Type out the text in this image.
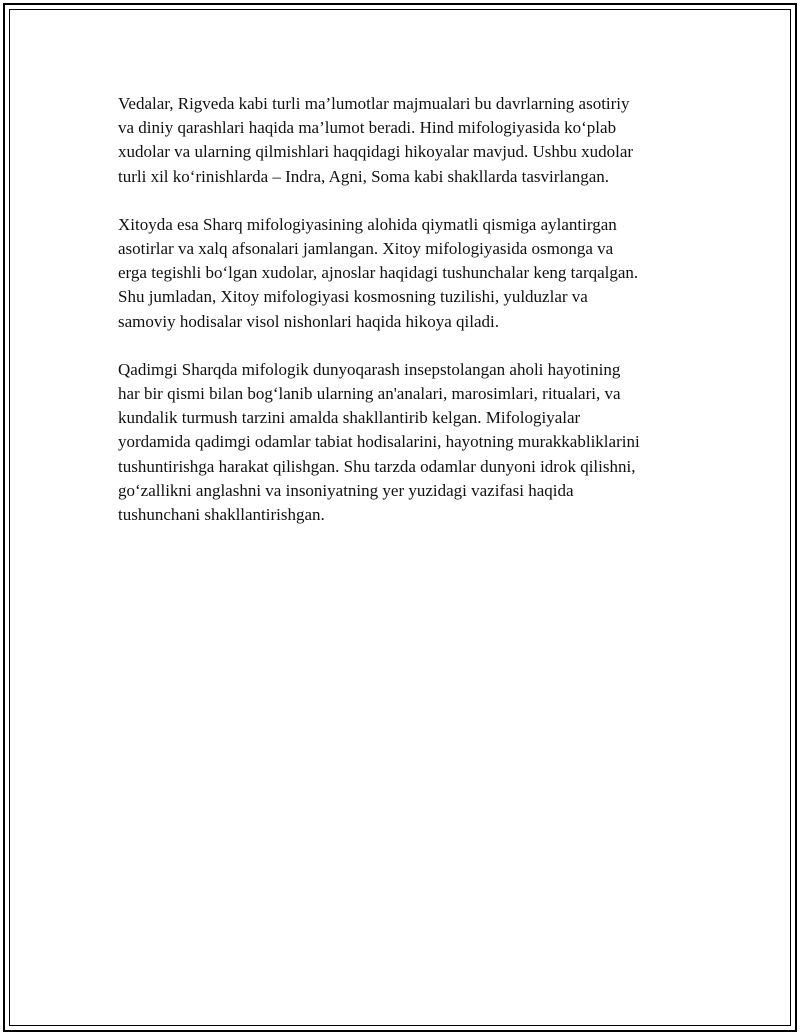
Vedalar, Rigveda kabi turli ma’lumotlar majmualari bu davrlarning asotiriy
va diniy qarashlari haqida ma’lumot beradi. Hind mifologiyasida ko‘plab
xudolar va ularning qilmishlari haqqidagi hikoyalar mavjud. Ushbu xudolar
turli xil ko‘rinishlarda – Indra, Agni, Soma kabi shakllarda tasvirlangan.

Xitoyda esa Sharq mifologiyasining alohida qiymatli qismiga aylantirgan
asotirlar va xalq afsonalari jamlangan. Xitoy mifologiyasida osmonga va
erga tegishli bo‘lgan xudolar, ajnoslar haqidagi tushunchalar keng tarqalgan.
Shu jumladan, Xitoy mifologiyasi kosmosning tuzilishi, yulduzlar va
samoviy hodisalar visol nishonlari haqida hikoya qiladi.

Qadimgi Sharqda mifologik dunyoqarash insepstolangan aholi hayotining
har bir qismi bilan bog‘lanib ularning an'analari, marosimlari, ritualari, va
kundalik turmush tarzini amalda shakllantirib kelgan. Mifologiyalar
yordamida qadimgi odamlar tabiat hodisalarini, hayotning murakkabliklarini
tushuntirishga harakat qilishgan. Shu tarzda odamlar dunyoni idrok qilishni,
go‘zallikni anglashni va insoniyatning yer yuzidagi vazifasi haqida
tushunchani shakllantirishgan.
